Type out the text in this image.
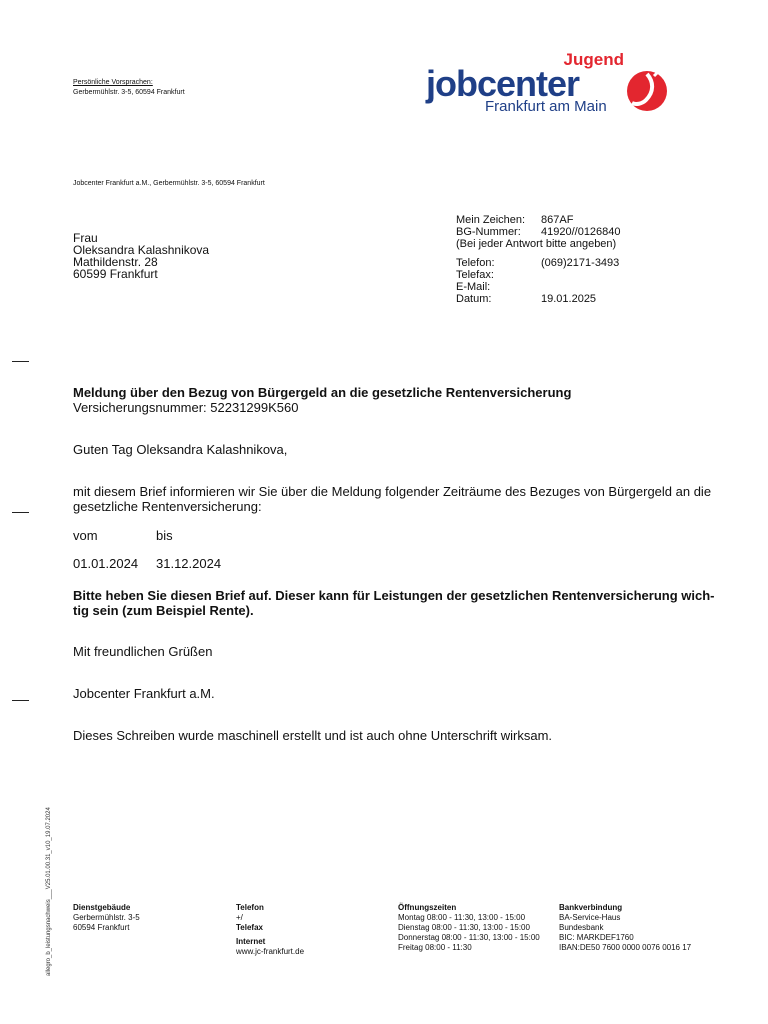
Jugend
jobcenter
Frankfurt am Main
Persönliche Vorsprachen:
Gerbermühlstr. 3-5, 60594 Frankfurt
Jobcenter Frankfurt a.M., Gerbermühlstr. 3-5, 60594 Frankfurt
Frau
Oleksandra Kalashnikova
Mathildenstr. 28
60599 Frankfurt
Mein Zeichen:	867AF
BG-Nummer:	41920//0126840
(Bei jeder Antwort bitte angeben)
Telefon:	(069)2171-3493
Telefax:
E-Mail:
Datum:	19.01.2025
Meldung über den Bezug von Bürgergeld an die gesetzliche Rentenversicherung
Versicherungsnummer: 52231299K560
Guten Tag Oleksandra Kalashnikova,
mit diesem Brief informieren wir Sie über die Meldung folgender Zeiträume des Bezuges von Bürgergeld an die
gesetzliche Rentenversicherung:
vom	bis
01.01.2024	31.12.2024
Bitte heben Sie diesen Brief auf. Dieser kann für Leistungen der gesetzlichen Rentenversicherung wich-
tig sein (zum Beispiel Rente).
Mit freundlichen Grüßen
Jobcenter Frankfurt a.M.
Dieses Schreiben wurde maschinell erstellt und ist auch ohne Unterschrift wirksam.
allegro_b_leistungsnachweis___V25.01.00.31_v10_19.07.2024	Dienstgebäude
Gerbermühlstr. 3-5
60594 Frankfurt
Telefon
+/
Telefax
Internet
www.jc-frankfurt.de
Öffnungszeiten
Montag 08:00 - 11:30, 13:00 - 15:00
Dienstag 08:00 - 11:30, 13:00 - 15:00
Donnerstag 08:00 - 11:30, 13:00 - 15:00
Freitag 08:00 - 11:30
Bankverbindung
BA-Service-Haus
Bundesbank
BIC: MARKDEF1760
IBAN:DE50 7600 0000 0076 0016 17
